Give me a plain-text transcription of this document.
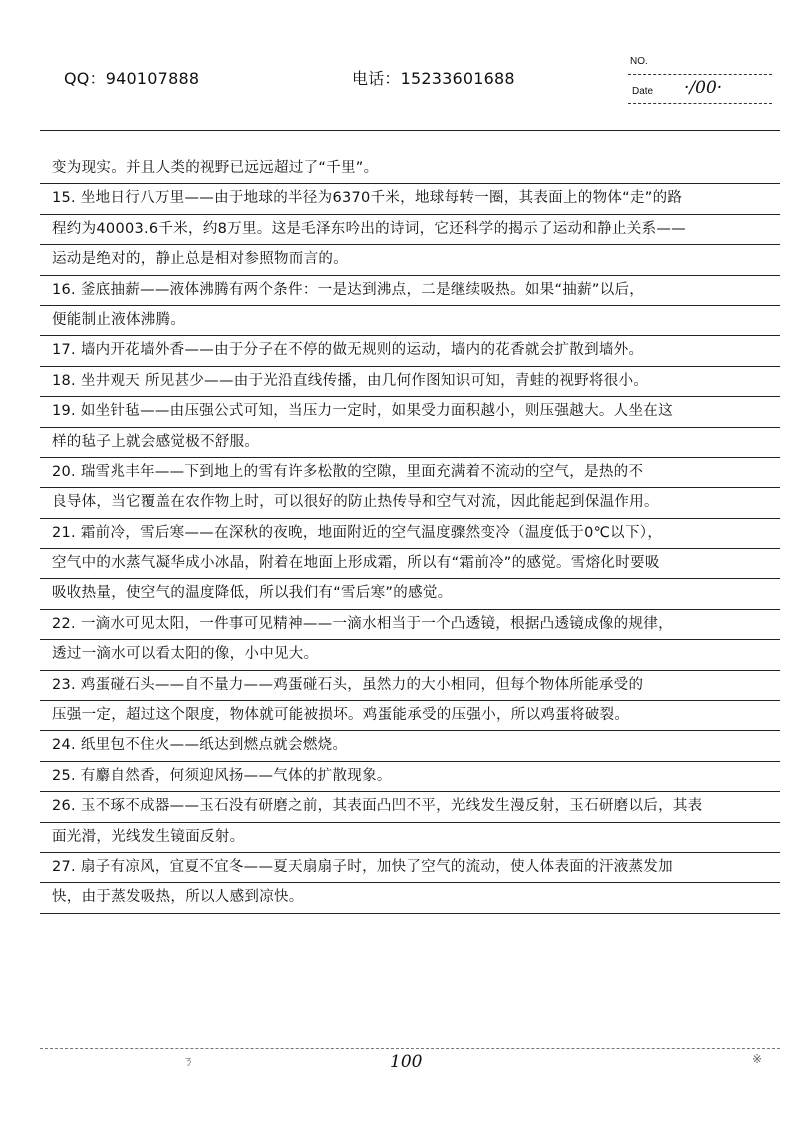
QQ：940107888	电话：15233601688
NO.
Date ·/00·
变为现实。并且人类的视野已远远超过了“千里”。
15. 坐地日行八万里——由于地球的半径为6370千米，地球每转一圈，其表面上的物体“走”的路
程约为40003.6千米，约8万里。这是毛泽东吟出的诗词，它还科学的揭示了运动和静止关系——
运动是绝对的，静止总是相对参照物而言的。
16. 釜底抽薪——液体沸腾有两个条件：一是达到沸点，二是继续吸热。如果“抽薪”以后，
便能制止液体沸腾。
17. 墙内开花墙外香——由于分子在不停的做无规则的运动，墙内的花香就会扩散到墙外。
18. 坐井观天 所见甚少——由于光沿直线传播，由几何作图知识可知，青蛙的视野将很小。
19. 如坐针毡——由压强公式可知，当压力一定时，如果受力面积越小，则压强越大。人坐在这
样的毡子上就会感觉极不舒服。
20. 瑞雪兆丰年——下到地上的雪有许多松散的空隙，里面充满着不流动的空气，是热的不
良导体，当它覆盖在农作物上时，可以很好的防止热传导和空气对流，因此能起到保温作用。
21. 霜前冷，雪后寒——在深秋的夜晚，地面附近的空气温度骤然变冷（温度低于0℃以下），
空气中的水蒸气凝华成小冰晶，附着在地面上形成霜，所以有“霜前冷”的感觉。雪熔化时要吸
吸收热量，使空气的温度降低，所以我们有“雪后寒”的感觉。
22. 一滴水可见太阳，一件事可见精神——一滴水相当于一个凸透镜，根据凸透镜成像的规律，
透过一滴水可以看太阳的像，小中见大。
23. 鸡蛋碰石头——自不量力——鸡蛋碰石头，虽然力的大小相同，但每个物体所能承受的
压强一定，超过这个限度，物体就可能被损坏。鸡蛋能承受的压强小，所以鸡蛋将破裂。
24. 纸里包不住火——纸达到燃点就会燃烧。
25. 有麝自然香，何须迎风扬——气体的扩散现象。
26. 玉不琢不成器——玉石没有研磨之前，其表面凸凹不平，光线发生漫反射，玉石研磨以后，其表
面光滑，光线发生镜面反射。
27. 扇子有凉风，宜夏不宜冬——夏天扇扇子时，加快了空气的流动，使人体表面的汗液蒸发加
快，由于蒸发吸热，所以人感到凉快。
ㄋ	100	※
